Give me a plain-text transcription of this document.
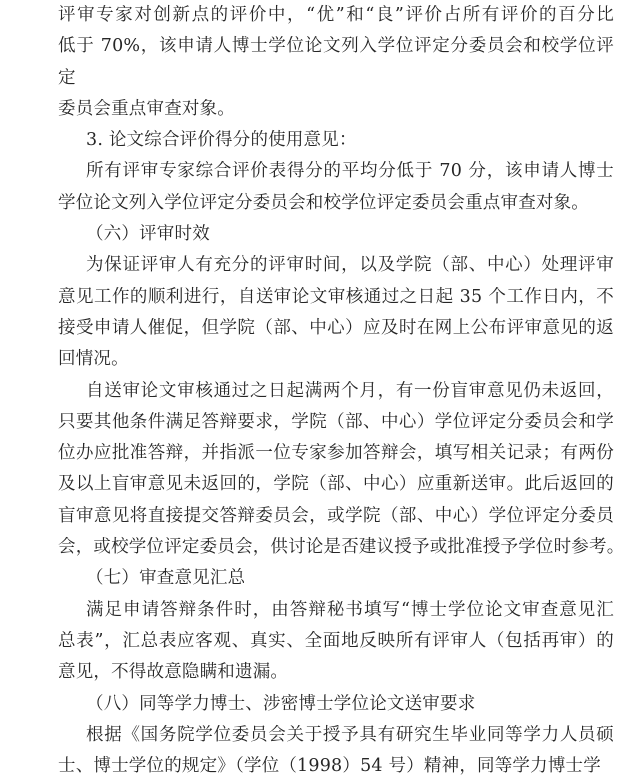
评审专家对创新点的评价中，“优”和“良”评价占所有评价的百分比
低于 70%，该申请人博士学位论文列入学位评定分委员会和校学位评定
委员会重点审查对象。
3. 论文综合评价得分的使用意见：
所有评审专家综合评价表得分的平均分低于 70 分，该申请人博士
学位论文列入学位评定分委员会和校学位评定委员会重点审查对象。
（六）评审时效
为保证评审人有充分的评审时间，以及学院（部、中心）处理评审
意见工作的顺利进行，自送审论文审核通过之日起 35 个工作日内，不
接受申请人催促，但学院（部、中心）应及时在网上公布评审意见的返
回情况。
自送审论文审核通过之日起满两个月，有一份盲审意见仍未返回，
只要其他条件满足答辩要求，学院（部、中心）学位评定分委员会和学
位办应批准答辩，并指派一位专家参加答辩会，填写相关记录；有两份
及以上盲审意见未返回的，学院（部、中心）应重新送审。此后返回的
盲审意见将直接提交答辩委员会，或学院（部、中心）学位评定分委员
会，或校学位评定委员会，供讨论是否建议授予或批准授予学位时参考。
（七）审查意见汇总
满足申请答辩条件时，由答辩秘书填写“博士学位论文审查意见汇
总表”，汇总表应客观、真实、全面地反映所有评审人（包括再审）的
意见，不得故意隐瞒和遗漏。
（八）同等学力博士、涉密博士学位论文送审要求
根据《国务院学位委员会关于授予具有研究生毕业同等学力人员硕
士、博士学位的规定》（学位（1998）54 号）精神，同等学力博士学
